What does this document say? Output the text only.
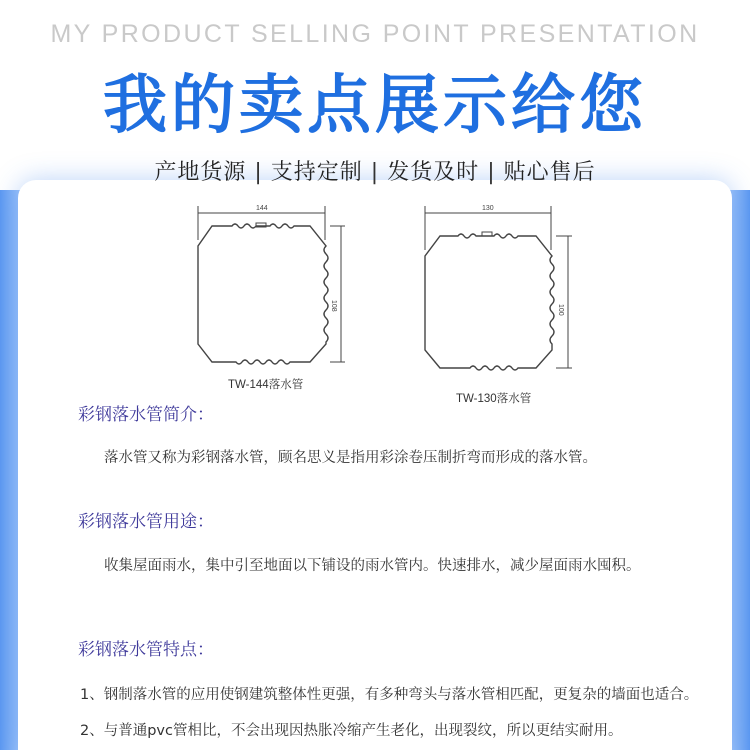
MY PRODUCT SELLING POINT PRESENTATION
我的卖点展示给您
产地货源 | 支持定制 | 发货及时 | 贴心售后
144
108
130
100
TW-144落水管
TW-130落水管
彩钢落水管简介：
落水管又称为彩钢落水管，顾名思义是指用彩涂卷压制折弯而形成的落水管。
彩钢落水管用途：
收集屋面雨水，集中引至地面以下铺设的雨水管内。快速排水，减少屋面雨水囤积。
彩钢落水管特点：
1、钢制落水管的应用使钢建筑整体性更强，有多种弯头与落水管相匹配，更复杂的墙面也适合。
2、与普通pvc管相比，不会出现因热胀冷缩产生老化，出现裂纹，所以更结实耐用。
